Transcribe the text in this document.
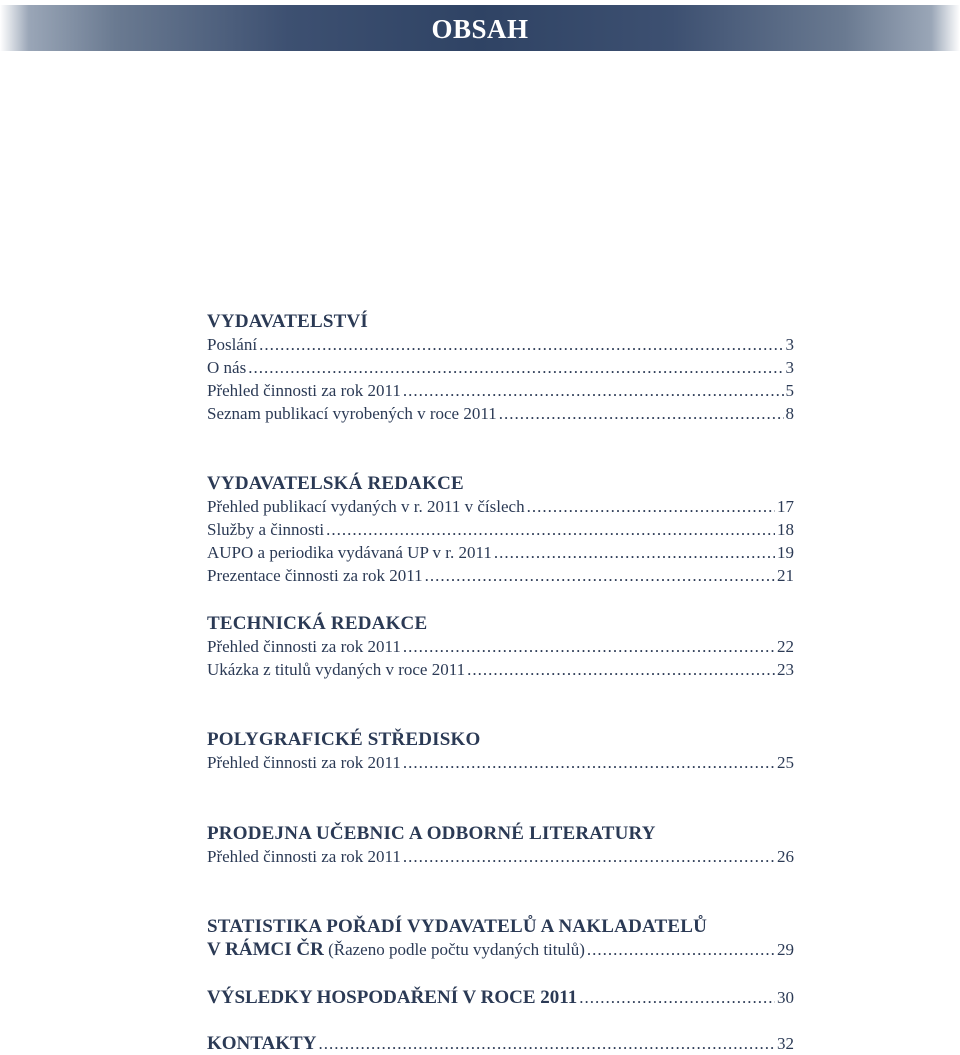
OBSAH
VYDAVATELSTVÍ
Poslání .....	3
O nás .....	3
Přehled činnosti za rok 2011 .....	5
Seznam publikací vyrobených v roce 2011 .....	8
VYDAVATELSKÁ REDAKCE
Přehled publikací vydaných v r. 2011 v číslech .....	17
Služby a činnosti .....	18
AUPO a periodika vydávaná UP v r. 2011 .....	19
Prezentace činnosti za rok 2011 .....	21
TECHNICKÁ REDAKCE
Přehled činnosti za rok 2011 .....	22
Ukázka z titulů vydaných v roce 2011 .....	23
POLYGRAFICKÉ STŘEDISKO
Přehled činnosti za rok 2011 .....	25
PRODEJNA UČEBNIC A ODBORNÉ LITERATURY
Přehled činnosti za rok 2011 .....	26
STATISTIKA POŘADÍ VYDAVATELŮ A NAKLADATELŮ
V RÁMCI ČR (Řazeno podle počtu vydaných titulů) .....	29
VÝSLEDKY HOSPODAŘENÍ V ROCE 2011 .....	30
KONTAKTY .....	32
